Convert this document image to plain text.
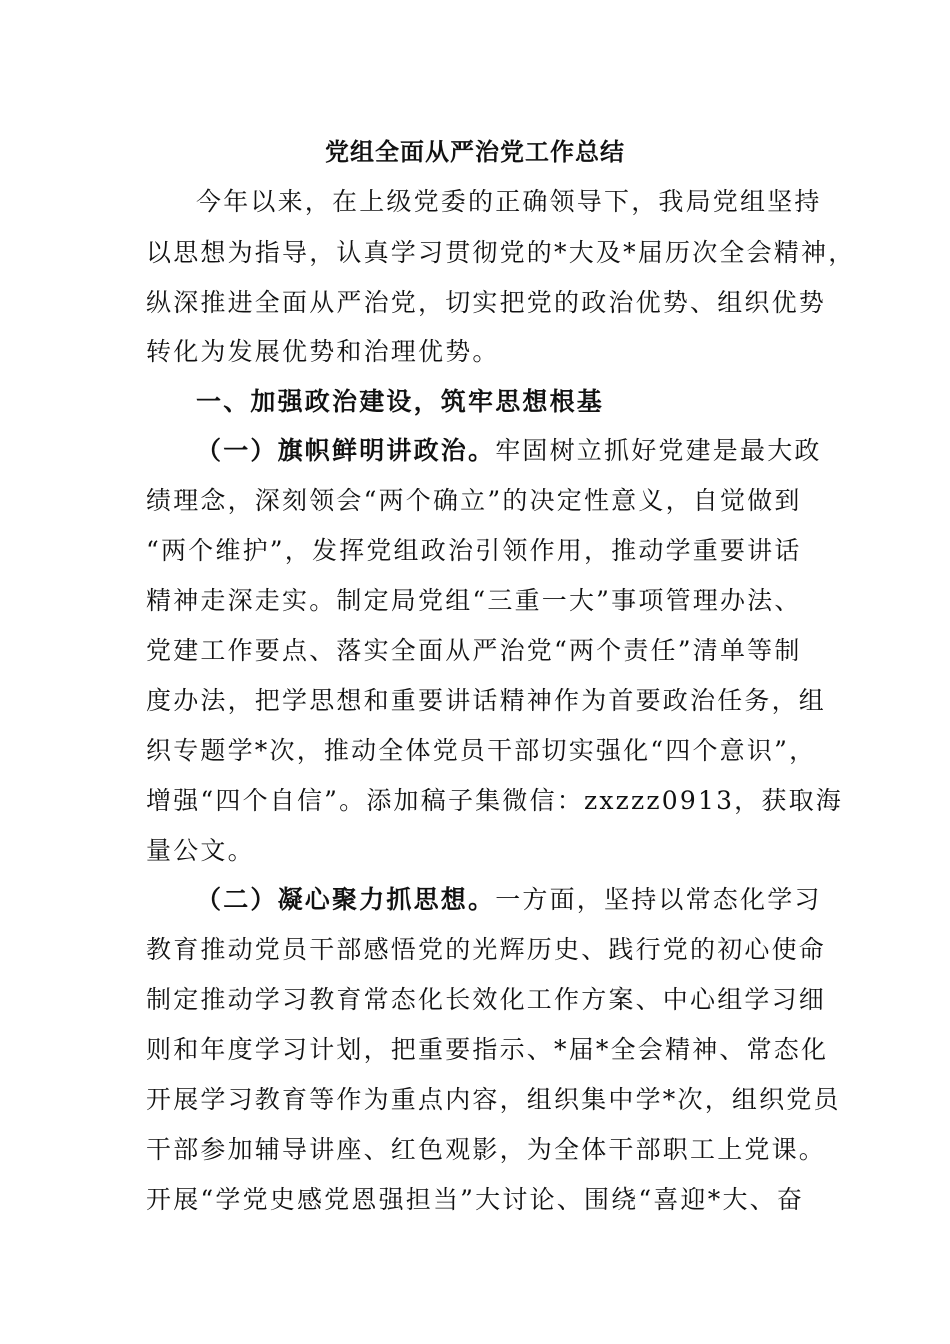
党组全面从严治党工作总结
今年以来，在上级党委的正确领导下，我局党组坚持
以思想为指导，认真学习贯彻党的*大及*届历次全会精神，
纵深推进全面从严治党，切实把党的政治优势、组织优势
转化为发展优势和治理优势。
一、加强政治建设，筑牢思想根基
（一）旗帜鲜明讲政治。牢固树立抓好党建是最大政
绩理念，深刻领会“两个确立”的决定性意义，自觉做到
“两个维护”，发挥党组政治引领作用，推动学重要讲话
精神走深走实。制定局党组“三重一大”事项管理办法、
党建工作要点、落实全面从严治党“两个责任”清单等制
度办法，把学思想和重要讲话精神作为首要政治任务，组
织专题学*次，推动全体党员干部切实强化“四个意识”，
增强“四个自信”。添加稿子集微信：zxzzz0913，获取海
量公文。
（二）凝心聚力抓思想。一方面，坚持以常态化学习
教育推动党员干部感悟党的光辉历史、践行党的初心使命
制定推动学习教育常态化长效化工作方案、中心组学习细
则和年度学习计划，把重要指示、*届*全会精神、常态化
开展学习教育等作为重点内容，组织集中学*次，组织党员
干部参加辅导讲座、红色观影，为全体干部职工上党课。
开展“学党史感党恩强担当”大讨论、围绕“喜迎*大、奋
